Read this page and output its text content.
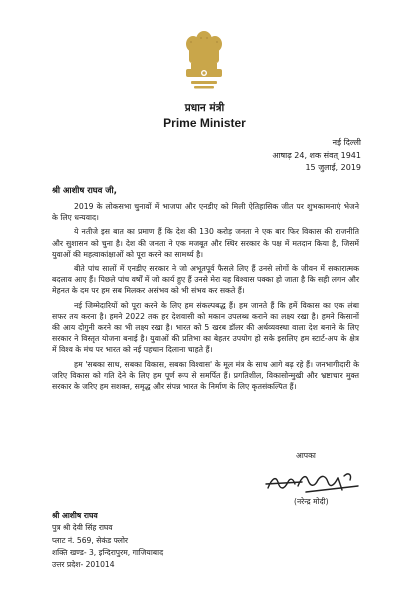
प्रधान मंत्री
Prime Minister
नई दिल्ली
आषाढ़ 24, शक संवत् 1941
15 जुलाई, 2019
श्री आशीष राघव जी,

2019 के लोकसभा चुनावों में भाजपा और एनडीए को मिली ऐतिहासिक जीत पर शुभकामनाएं भेजने के लिए धन्यवाद।

ये नतीजे इस बात का प्रमाण हैं कि देश की 130 करोड़ जनता ने एक बार फिर विकास की राजनीति और सुशासन को चुना है। देश की जनता ने एक मजबूत और स्थिर सरकार के पक्ष में मतदान किया है, जिसमें युवाओं की महत्वाकांक्षाओं को पूरा करने का सामर्थ्य है।

बीते पांच सालों में एनडीए सरकार ने जो अभूतपूर्व फैसले लिए हैं उनसे लोगों के जीवन में सकारात्मक बदलाव आए हैं। पिछले पांच वर्षों में जो कार्य हुए हैं उनसे मेरा यह विश्वास पक्का हो जाता है कि सही लगन और मेहनत के दम पर हम सब मिलकर असंभव को भी संभव कर सकते हैं।

नई जिम्मेदारियों को पूरा करने के लिए हम संकल्पबद्ध हैं। हम जानते हैं कि हमें विकास का एक लंबा सफर तय करना है। हमने 2022 तक हर देशवासी को मकान उपलब्ध कराने का लक्ष्य रखा है। हमने किसानों की आय दोगुनी करने का भी लक्ष्य रखा है। भारत को 5 खरब डॉलर की अर्थव्यवस्था वाला देश बनाने के लिए सरकार ने विस्तृत योजना बनाई है। युवाओं की प्रतिभा का बेहतर उपयोग हो सके इसलिए हम स्टार्ट-अप के क्षेत्र में विश्व के मंच पर भारत को नई पहचान दिलाना चाहते हैं।

हम 'सबका साथ, सबका विकास, सबका विश्वास' के मूल मंत्र के साथ आगे बढ़ रहे हैं। जनभागीदारी के जरिए विकास को गति देने के लिए हम पूर्ण रूप से समर्पित हैं। प्रगतिशील, विकासोन्मुखी और भ्रष्टाचार मुक्त सरकार के जरिए हम सशक्त, समृद्ध और संपन्न भारत के निर्माण के लिए कृतसंकल्पित हैं।

आपका
(नरेन्द्र मोदी)
श्री आशीष राघव
पुत्र श्री देवी सिंह राघव
प्लाट नं. 569, सेकंड फ्लोर
शक्ति खण्ड- 3, इन्दिरापुरम, गाजियाबाद
उत्तर प्रदेश- 201014
